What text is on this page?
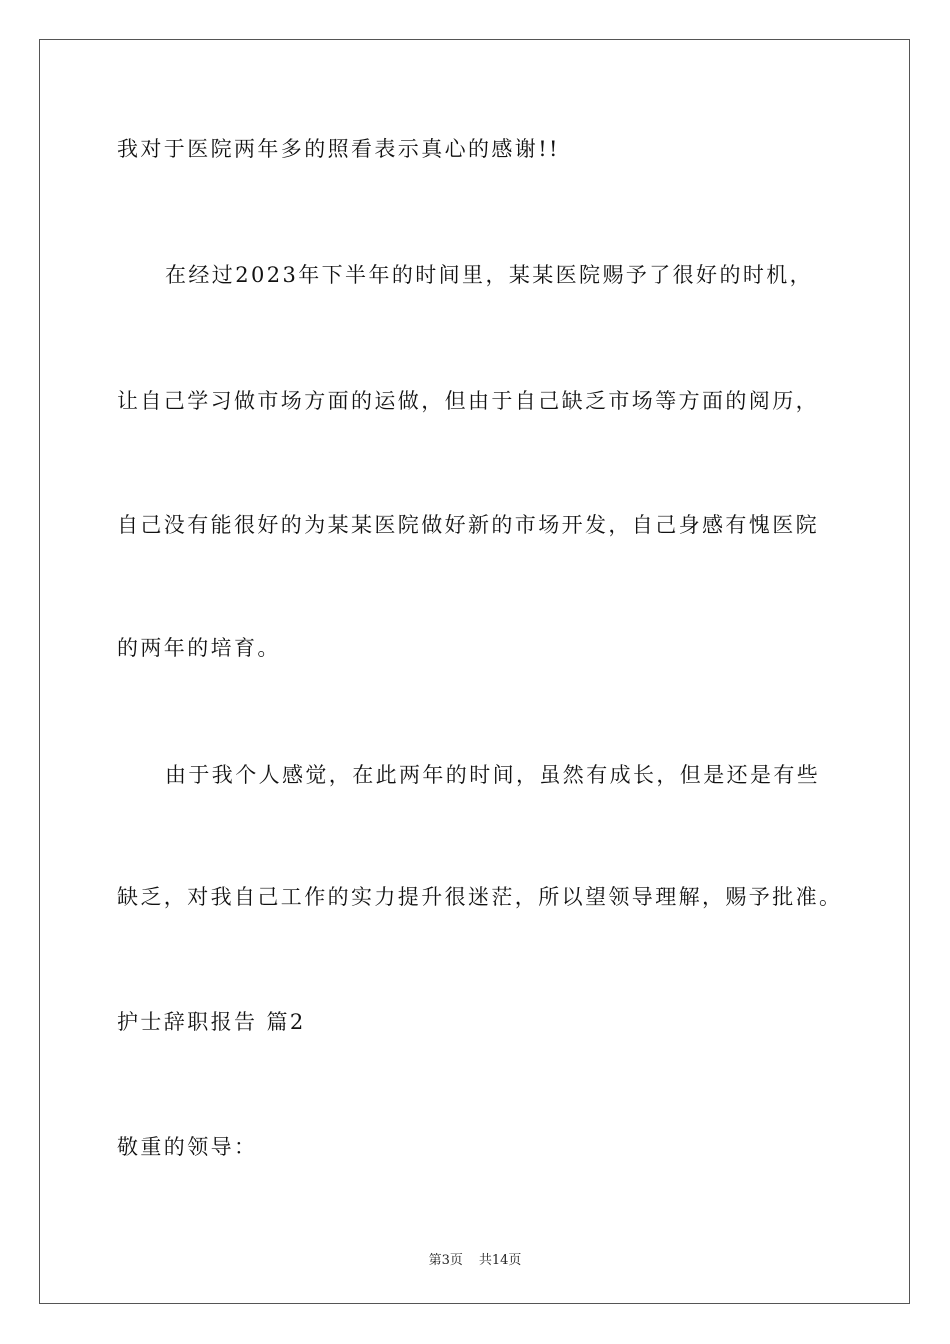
我对于医院两年多的照看表示真心的感谢!!
在经过2023年下半年的时间里，某某医院赐予了很好的时机，
让自己学习做市场方面的运做，但由于自己缺乏市场等方面的阅历，
自己没有能很好的为某某医院做好新的市场开发，自己身感有愧医院
的两年的培育。
由于我个人感觉，在此两年的时间，虽然有成长，但是还是有些
缺乏，对我自己工作的实力提升很迷茫，所以望领导理解，赐予批准。
护士辞职报告 篇2
敬重的领导：
第3页 共14页
